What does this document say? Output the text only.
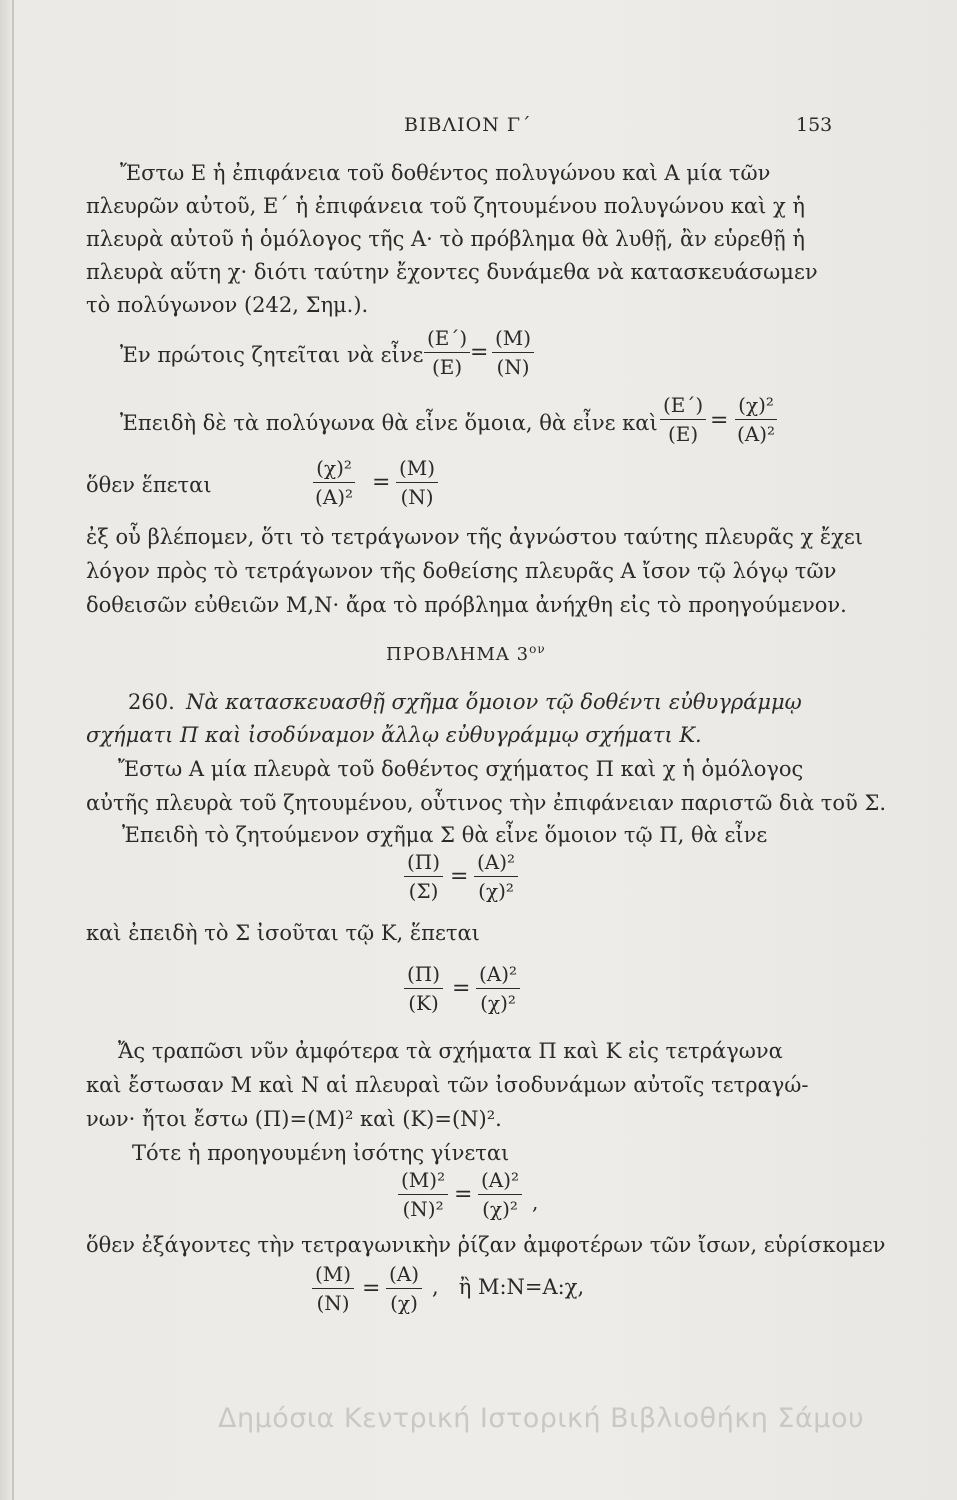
ΒΙΒΛΙΟΝ Γ΄	153
Ἔστω Ε ἡ ἐπιφάνεια τοῦ δοθέντος πολυγώνου καὶ Α μία τῶν
πλευρῶν αὐτοῦ, Ε΄ ἡ ἐπιφάνεια τοῦ ζητουμένου πολυγώνου καὶ χ ἡ
πλευρὰ αὐτοῦ ἡ ὁμόλογος τῆς Α· τὸ πρόβλημα θὰ λυθῇ, ἂν εὑρεθῇ ἡ
πλευρὰ αὕτη χ· διότι ταύτην ἔχοντες δυνάμεθα νὰ κατασκευάσωμεν
τὸ πολύγωνον (242, Σημ.).
Ἐν πρώτοις ζητεῖται νὰ εἶνε $\frac{(E΄)}{(E)} = \frac{(M)}{(N)}$
Ἐπειδὴ δὲ τὰ πολύγωνα θὰ εἶνε ὅμοια, θὰ εἶνε καὶ $\frac{(E΄)}{(E)} = \frac{\text{(χ)²}}{\text{(Α)²}}$
ὅθεν ἕπεται	$\frac{\text{(χ)²}}{\text{(Α)²}} = \frac{(M)}{(N)}$
ἐξ οὗ βλέπομεν, ὅτι τὸ τετράγωνον τῆς ἀγνώστου ταύτης πλευρᾶς χ ἔχει
λόγον πρὸς τὸ τετράγωνον τῆς δοθείσης πλευρᾶς Α ἴσον τῷ λόγῳ τῶν
δοθεισῶν εὐθειῶν Μ,Ν· ἄρα τὸ πρόβλημα ἀνήχθη εἰς τὸ προηγούμενον.
ΠΡΟΒΛΗΜΑ $3^{o\nu}$
260. Νὰ κατασκευασθῇ σχῆμα ὅμοιον τῷ δοθέντι εὐθυγράμμῳ
σχήματι Π καὶ ἰσοδύναμον ἄλλῳ εὐθυγράμμῳ σχήματι Κ.
Ἔστω Α μία πλευρὰ τοῦ δοθέντος σχήματος Π καὶ χ ἡ ὁμόλογος
αὐτῆς πλευρὰ τοῦ ζητουμένου, οὗτινος τὴν ἐπιφάνειαν παριστῶ διὰ τοῦ Σ.
Ἐπειδὴ τὸ ζητούμενον σχῆμα Σ θὰ εἶνε ὅμοιον τῷ Π, θὰ εἶνε
$\frac{(\Pi)}{(\Sigma)} = \frac{\text{(Α)²}}{\text{(χ)²}}$
καὶ ἐπειδὴ τὸ Σ ἰσοῦται τῷ Κ, ἕπεται
$\frac{(\Pi)}{(K)} = \frac{\text{(Α)²}}{\text{(χ)²}}$
Ἄς τραπῶσι νῦν ἀμφότερα τὰ σχήματα Π καὶ Κ εἰς τετράγωνα
καὶ ἔστωσαν Μ καὶ Ν αἱ πλευραὶ τῶν ἰσοδυνάμων αὐτοῖς τετραγώ-
νων· ἤτοι ἔστω (Π)=(Μ)² καὶ (Κ)=(Ν)².
Τότε ἡ προηγουμένη ἰσότης γίνεται
$\frac{\text{(Μ)²}}{\text{(Ν)²}} = \frac{\text{(Α)²}}{\text{(χ)²}}$ ,
ὅθεν ἐξάγοντες τὴν τετραγωνικὴν ῥίζαν ἀμφοτέρων τῶν ἴσων, εὑρίσκομεν
$\frac{(M)}{(N)} = \frac{(A)}{(\chi)}$ ,   ἢ Μ:Ν=Α:χ,
Δημόσια Κεντρική Ιστορική Βιβλιοθήκη Σάμου
